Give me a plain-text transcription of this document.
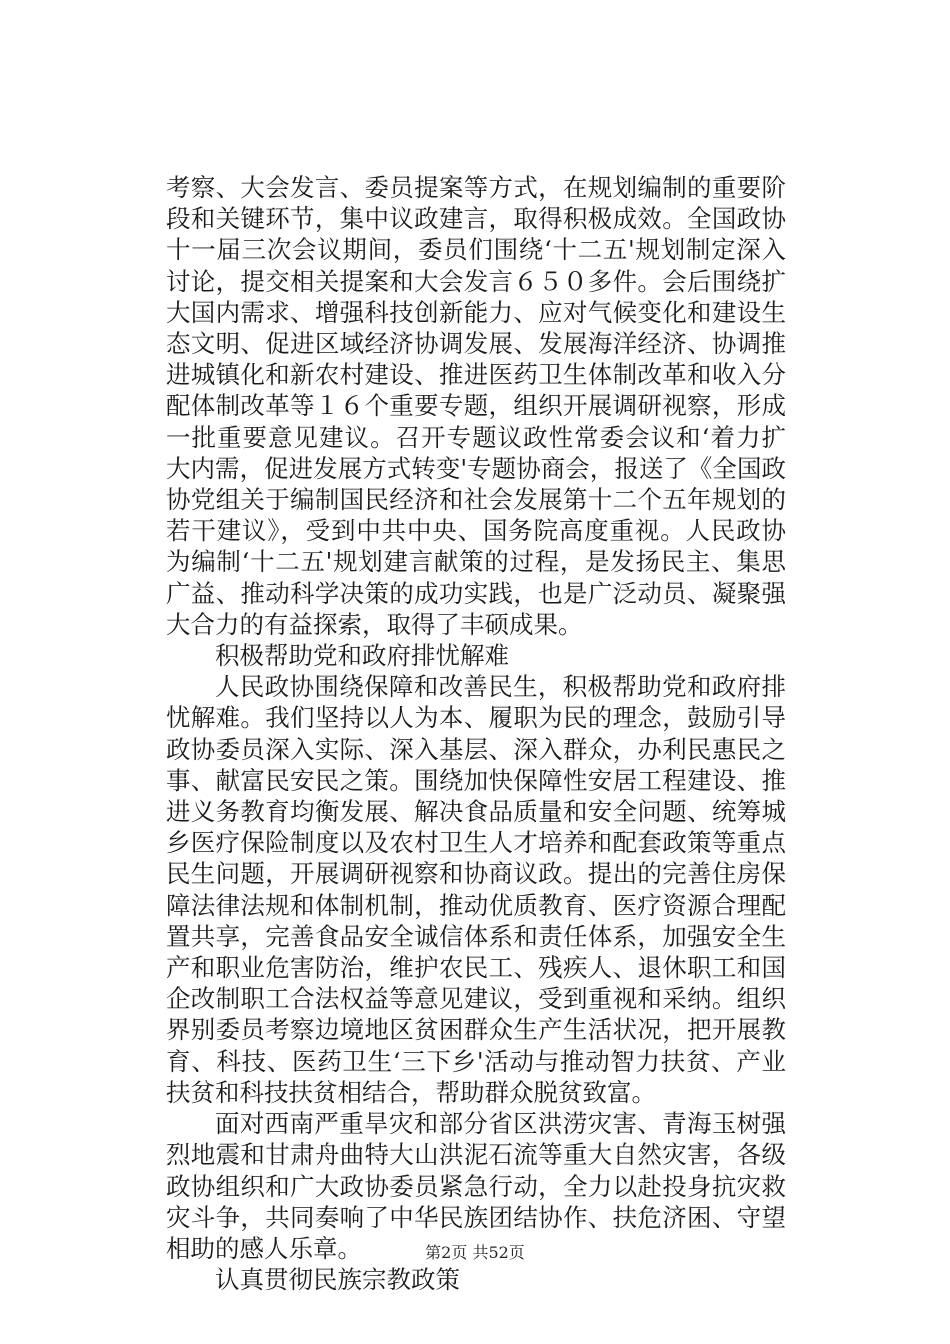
考察、大会发言、委员提案等方式，在规划编制的重要阶段和关键环节，集中议政建言，取得积极成效。全国政协十一届三次会议期间，委员们围绕‘十二五'规划制定深入讨论，提交相关提案和大会发言６５０多件。会后围绕扩大国内需求、增强科技创新能力、应对气候变化和建设生态文明、促进区域经济协调发展、发展海洋经济、协调推进城镇化和新农村建设、推进医药卫生体制改革和收入分配体制改革等１６个重要专题，组织开展调研视察，形成一批重要意见建议。召开专题议政性常委会议和‘着力扩大内需，促进发展方式转变'专题协商会，报送了《全国政协党组关于编制国民经济和社会发展第十二个五年规划的若干建议》，受到中共中央、国务院高度重视。人民政协为编制‘十二五'规划建言献策的过程，是发扬民主、集思广益、推动科学决策的成功实践，也是广泛动员、凝聚强大合力的有益探索，取得了丰硕成果。

积极帮助党和政府排忧解难

人民政协围绕保障和改善民生，积极帮助党和政府排忧解难。我们坚持以人为本、履职为民的理念，鼓励引导政协委员深入实际、深入基层、深入群众，办利民惠民之事、献富民安民之策。围绕加快保障性安居工程建设、推进义务教育均衡发展、解决食品质量和安全问题、统筹城乡医疗保险制度以及农村卫生人才培养和配套政策等重点民生问题，开展调研视察和协商议政。提出的完善住房保障法律法规和体制机制，推动优质教育、医疗资源合理配置共享，完善食品安全诚信体系和责任体系，加强安全生产和职业危害防治，维护农民工、残疾人、退休职工和国企改制职工合法权益等意见建议，受到重视和采纳。组织界别委员考察边境地区贫困群众生产生活状况，把开展教育、科技、医药卫生‘三下乡'活动与推动智力扶贫、产业扶贫和科技扶贫相结合，帮助群众脱贫致富。

面对西南严重旱灾和部分省区洪涝灾害、青海玉树强烈地震和甘肃舟曲特大山洪泥石流等重大自然灾害，各级政协组织和广大政协委员紧急行动，全力以赴投身抗灾救灾斗争，共同奏响了中华民族团结协作、扶危济困、守望相助的感人乐章。

认真贯彻民族宗教政策

第2页 共52页
